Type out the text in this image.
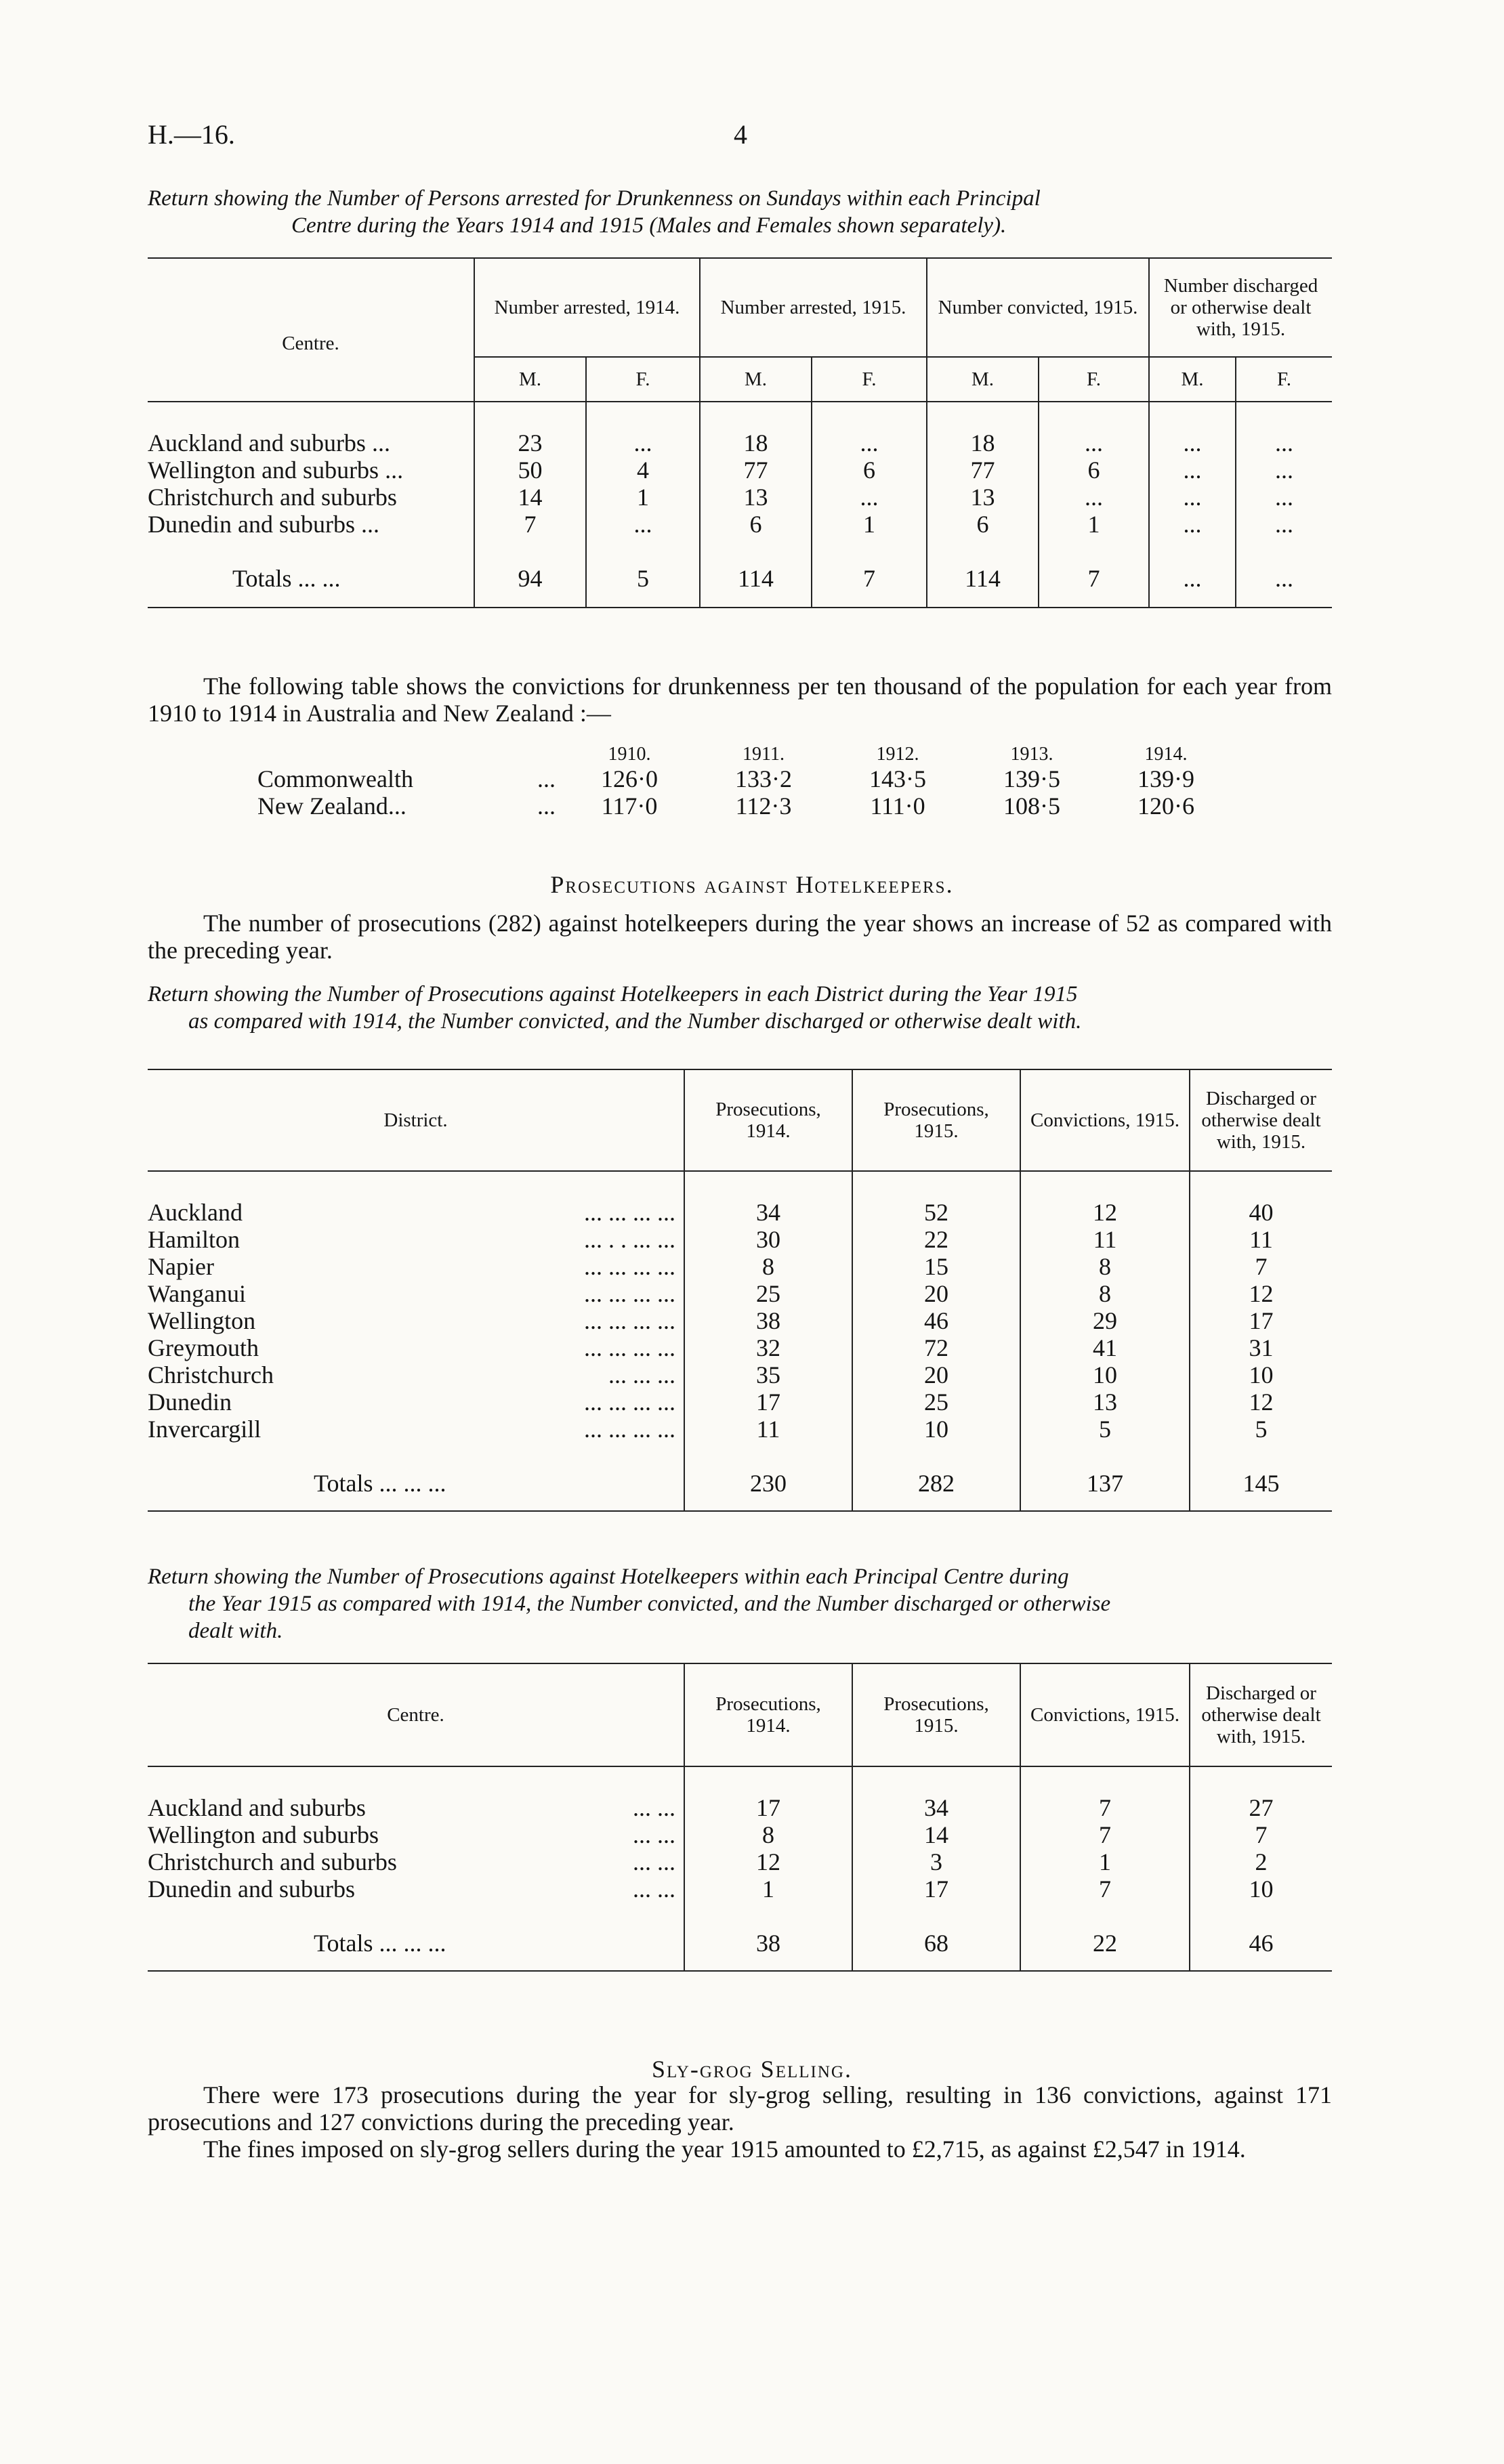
H.—16.	4
Return showing the Number of Persons arrested for Drunkenness on Sundays within each Principal
Centre during the Years 1914 and 1915 (Males and Females shown separately).
Centre.	Number arrested, 1914.		Number arrested, 1915.		Number convicted, 1915.		Number discharged or otherwise dealt with, 1915.	
	M.	F.	M.	F.	M.	F.	M.	F.

Auckland and suburbs ...	23	...	18	...	18	...	...	...
Wellington and suburbs ...	50	4	77	6	77	6	...	...
Christchurch and suburbs	14	1	13	...	13	...	...	...
Dunedin and suburbs ...	7	...	6	1	6	1	...	...

Totals ... ...	94	5	114	7	114	7	...	...
The following table shows the convictions for drunkenness per ten thousand of the population for each year from 1910 to 1914 in Australia and New Zealand :—
		1910.	1911.	1912.	1913.	1914.
Commonwealth	...	126·0	133·2	143·5	139·5	139·9
New Zealand...	...	117·0	112·3	111·0	108·5	120·6
Prosecutions against Hotelkeepers.
The number of prosecutions (282) against hotelkeepers during the year shows an increase of 52 as compared with the preceding year.
Return showing the Number of Prosecutions against Hotelkeepers in each District during the Year 1915
as compared with 1914, the Number convicted, and the Number discharged or otherwise dealt with.
District.		Prosecutions, 1914.	Prosecutions, 1915.	Convictions, 1915.	Discharged or otherwise dealt with, 1915.

Auckland	... ... ... ...	34	52	12	40
Hamilton	... . . ... ...	30	22	11	11
Napier	... ... ... ...	8	15	8	7
Wanganui	... ... ... ...	25	20	8	12
Wellington	... ... ... ...	38	46	29	17
Greymouth	... ... ... ...	32	72	41	31
Christchurch	... ... ...	35	20	10	10
Dunedin	... ... ... ...	17	25	13	12
Invercargill	... ... ... ...	11	10	5	5

Totals ... ... ...		230	282	137	145
Return showing the Number of Prosecutions against Hotelkeepers within each Principal Centre during
the Year 1915 as compared with 1914, the Number convicted, and the Number discharged or otherwise
dealt with.
Centre.		Prosecutions, 1914.	Prosecutions, 1915.	Convictions, 1915.	Discharged or otherwise dealt with, 1915.

Auckland and suburbs	... ...	17	34	7	27
Wellington and suburbs	... ...	8	14	7	7
Christchurch and suburbs	... ...	12	3	1	2
Dunedin and suburbs	... ...	1	17	7	10

Totals ... ... ...		38	68	22	46
Sly-grog Selling.
There were 173 prosecutions during the year for sly-grog selling, resulting in 136 convictions, against 171 prosecutions and 127 convictions during the preceding year.
The fines imposed on sly-grog sellers during the year 1915 amounted to £2,715, as against £2,547 in 1914.
